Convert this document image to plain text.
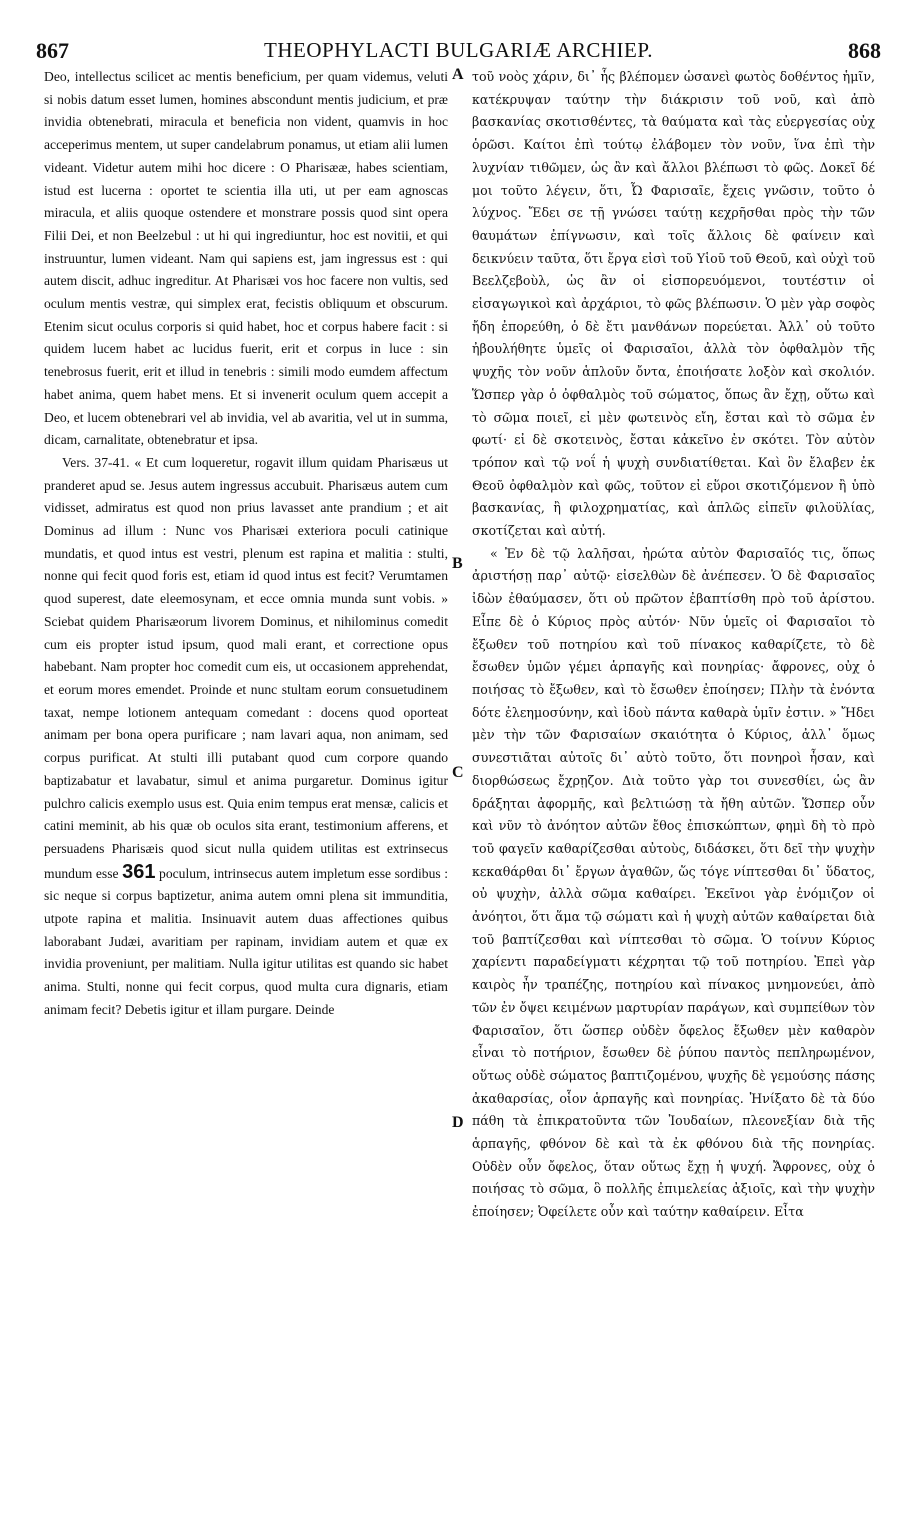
867	THEOPHYLACTI BULGARIÆ ARCHIEP.	868

Deo, intellectus scilicet ac mentis beneficium, per quam videmus, veluti si nobis datum esset lumen, homines abscondunt mentis judicium, et præ invidia obtenebrati, miracula et beneficia non vident, quamvis in hoc acceperimus mentem, ut super candelabrum ponamus, ut etiam alii lumen videant. Videtur autem mihi hoc dicere : O Pharisææ, habes scientiam, istud est lucerna : oportet te scientia illa uti, ut per eam agnoscas miracula, et aliis quoque ostendere et monstrare possis quod sint opera Filii Dei, et non Beelzebul : ut hi qui ingrediuntur, hoc est novitii, et qui instruuntur, lumen videant. Nam qui sapiens est, jam ingressus est : qui autem discit, adhuc ingreditur. At Pharisæi vos hoc facere non vultis, sed oculum mentis vestræ, qui simplex erat, fecistis obliquum et obscurum. Etenim sicut oculus corporis si quid habet, hoc et corpus habere facit : si quidem lucem habet ac lucidus fuerit, erit et corpus in luce : sin tenebrosus fuerit, erit et illud in tenebris : simili modo eumdem affectum habet anima, quem habet mens. Et si invenerit oculum quem accepit a Deo, et lucem obtenebrari vel ab invidia, vel ab avaritia, vel ut in summa, dicam, carnalitate, obtenebratur et ipsa.

Vers. 37-41. « Et cum loqueretur, rogavit illum quidam Pharisæus ut pranderet apud se. Jesus autem ingressus accubuit. Pharisæus autem cum vidisset, admiratus est quod non prius lavasset ante prandium ; et ait Dominus ad illum : Nunc vos Pharisæi exteriora poculi catinique mundatis, et quod intus est vestri, plenum est rapina et malitia : stulti, nonne qui fecit quod foris est, etiam id quod intus est fecit? Verumtamen quod superest, date eleemosynam, et ecce omnia munda sunt vobis. » Sciebat quidem Pharisæorum livorem Dominus, et nihilominus comedit cum eis propter istud ipsum, quod mali erant, et correctione opus habebant. Nam propter hoc comedit cum eis, ut occasionem apprehendat, et eorum mores emendet. Proinde et nunc stultam eorum consuetudinem taxat, nempe lotionem antequam comedant : docens quod oporteat animam per bona opera purificare ; nam lavari aqua, non animam, sed corpus purificat. At stulti illi putabant quod cum corpore quando baptizabatur et lavabatur, simul et anima purgaretur. Dominus igitur pulchro calicis exemplo usus est. Quia enim tempus erat mensæ, calicis et catini meminit, ab his quæ ob oculos sita erant, testimonium afferens, et persuadens Pharisæis quod sicut nulla quidem utilitas est extrinsecus mundum esse 361 poculum, intrinsecus autem impletum esse sordibus : sic neque si corpus baptizetur, anima autem omni plena sit immunditia, utpote rapina et malitia. Insinuavit autem duas affectiones quibus laborabant Judæi, avaritiam per rapinam, invidiam autem et quæ ex invidia proveniunt, per malitiam. Nulla igitur utilitas est quando sic habet anima. Stulti, nonne qui fecit corpus, quod multa cura dignaris, etiam animam fecit? Debetis igitur et illam purgare. Deinde

A
B
C
D

τοῦ νοὸς χάριν, δι᾽ ἧς βλέπομεν ὡσανεὶ φωτὸς δοθέντος ἡμῖν, κατέκρυψαν ταύτην τὴν διάκρισιν τοῦ νοῦ, καὶ ἀπὸ βασκανίας σκοτισθέντες, τὰ θαύματα καὶ τὰς εὐεργεσίας οὐχ ὁρῶσι. Καίτοι ἐπὶ τούτῳ ἐλάβομεν τὸν νοῦν, ἵνα ἐπὶ τὴν λυχνίαν τιθῶμεν, ὡς ἂν καὶ ἄλλοι βλέπωσι τὸ φῶς. Δοκεῖ δέ μοι τοῦτο λέγειν, ὅτι, Ὦ Φαρισαῖε, ἔχεις γνῶσιν, τοῦτο ὁ λύχνος. Ἔδει σε τῇ γνώσει ταύτῃ κεχρῆσθαι πρὸς τὴν τῶν θαυμάτων ἐπίγνωσιν, καὶ τοῖς ἄλλοις δὲ φαίνειν καὶ δεικνύειν ταῦτα, ὅτι ἔργα εἰσὶ τοῦ Υἱοῦ τοῦ Θεοῦ, καὶ οὐχὶ τοῦ Βεελζεβοὺλ, ὡς ἂν οἱ εἰσπορευόμενοι, τουτέστιν οἱ εἰσαγωγικοὶ καὶ ἀρχάριοι, τὸ φῶς βλέπωσιν. Ὁ μὲν γὰρ σοφὸς ἤδη ἐπορεύθη, ὁ δὲ ἔτι μανθάνων πορεύεται. Ἀλλ᾽ οὐ τοῦτο ἠβουλήθητε ὑμεῖς οἱ Φαρισαῖοι, ἀλλὰ τὸν ὀφθαλμὸν τῆς ψυχῆς τὸν νοῦν ἁπλοῦν ὄντα, ἐποιήσατε λοξὸν καὶ σκολιόν. Ὥσπερ γὰρ ὁ ὀφθαλμὸς τοῦ σώματος, ὅπως ἂν ἔχῃ, οὕτω καὶ τὸ σῶμα ποιεῖ, εἰ μὲν φωτεινὸς εἴη, ἔσται καὶ τὸ σῶμα ἐν φωτί· εἰ δὲ σκοτεινὸς, ἔσται κἀκεῖνο ἐν σκότει. Τὸν αὐτὸν τρόπον καὶ τῷ νοΐ ἡ ψυχὴ συνδιατίθεται. Καὶ ὃν ἔλαβεν ἐκ Θεοῦ ὀφθαλμὸν καὶ φῶς, τοῦτον εἰ εὕροι σκοτιζόμενον ἢ ὑπὸ βασκανίας, ἢ φιλοχρηματίας, καὶ ἁπλῶς εἰπεῖν φιλοϋλίας, σκοτίζεται καὶ αὐτή.

« Ἐν δὲ τῷ λαλῆσαι, ἠρώτα αὐτὸν Φαρισαῖός τις, ὅπως ἀριστήσῃ παρ᾽ αὐτῷ· εἰσελθὼν δὲ ἀνέπεσεν. Ὁ δὲ Φαρισαῖος ἰδὼν ἐθαύμασεν, ὅτι οὐ πρῶτον ἐβαπτίσθη πρὸ τοῦ ἀρίστου. Εἶπε δὲ ὁ Κύριος πρὸς αὐτόν· Νῦν ὑμεῖς οἱ Φαρισαῖοι τὸ ἔξωθεν τοῦ ποτηρίου καὶ τοῦ πίνακος καθαρίζετε, τὸ δὲ ἔσωθεν ὑμῶν γέμει ἁρπαγῆς καὶ πονηρίας· ἄφρονες, οὐχ ὁ ποιήσας τὸ ἔξωθεν, καὶ τὸ ἔσωθεν ἐποίησεν; Πλὴν τὰ ἐνόντα δότε ἐλεημοσύνην, καὶ ἰδοὺ πάντα καθαρὰ ὑμῖν ἐστιν. » Ἤδει μὲν τὴν τῶν Φαρισαίων σκαιότητα ὁ Κύριος, ἀλλ᾽ ὅμως συνεστιᾶται αὐτοῖς δι᾽ αὐτὸ τοῦτο, ὅτι πονηροὶ ἦσαν, καὶ διορθώσεως ἔχρῃζον. Διὰ τοῦτο γὰρ τοι συνεσθίει, ὡς ἂν δράξηται ἀφορμῆς, καὶ βελτιώσῃ τὰ ἤθη αὐτῶν. Ὥσπερ οὖν καὶ νῦν τὸ ἀνόητον αὐτῶν ἔθος ἐπισκώπτων, φημὶ δὴ τὸ πρὸ τοῦ φαγεῖν καθαρίζεσθαι αὐτοὺς, διδάσκει, ὅτι δεῖ τὴν ψυχὴν κεκαθάρθαι δι᾽ ἔργων ἀγαθῶν, ὥς τόγε νίπτεσθαι δι᾽ ὕδατος, οὐ ψυχὴν, ἀλλὰ σῶμα καθαίρει. Ἐκεῖνοι γὰρ ἐνόμιζον οἱ ἀνόητοι, ὅτι ἅμα τῷ σώματι καὶ ἡ ψυχὴ αὐτῶν καθαίρεται διὰ τοῦ βαπτίζεσθαι καὶ νίπτεσθαι τὸ σῶμα. Ὁ τοίνυν Κύριος χαρίεντι παραδείγματι κέχρηται τῷ τοῦ ποτηρίου. Ἐπεὶ γὰρ καιρὸς ἦν τραπέζης, ποτηρίου καὶ πίνακος μνημονεύει, ἀπὸ τῶν ἐν ὄψει κειμένων μαρτυρίαν παράγων, καὶ συμπείθων τὸν Φαρισαῖον, ὅτι ὥσπερ οὐδὲν ὄφελος ἔξωθεν μὲν καθαρὸν εἶναι τὸ ποτήριον, ἔσωθεν δὲ ῥύπου παντὸς πεπληρωμένον, οὕτως οὐδὲ σώματος βαπτιζομένου, ψυχῆς δὲ γεμούσης πάσης ἀκαθαρσίας, οἷον ἁρπαγῆς καὶ πονηρίας. Ἠνίξατο δὲ τὰ δύο πάθη τὰ ἐπικρατοῦντα τῶν Ἰουδαίων, πλεονεξίαν διὰ τῆς ἁρπαγῆς, φθόνον δὲ καὶ τὰ ἐκ φθόνου διὰ τῆς πονηρίας. Οὐδὲν οὖν ὄφελος, ὅταν οὕτως ἔχῃ ἡ ψυχή. Ἄφρονες, οὐχ ὁ ποιήσας τὸ σῶμα, ὃ πολλῆς ἐπιμελείας ἀξιοῖς, καὶ τὴν ψυχὴν ἐποίησεν; Ὀφείλετε οὖν καὶ ταύτην καθαίρειν. Εἶτα
